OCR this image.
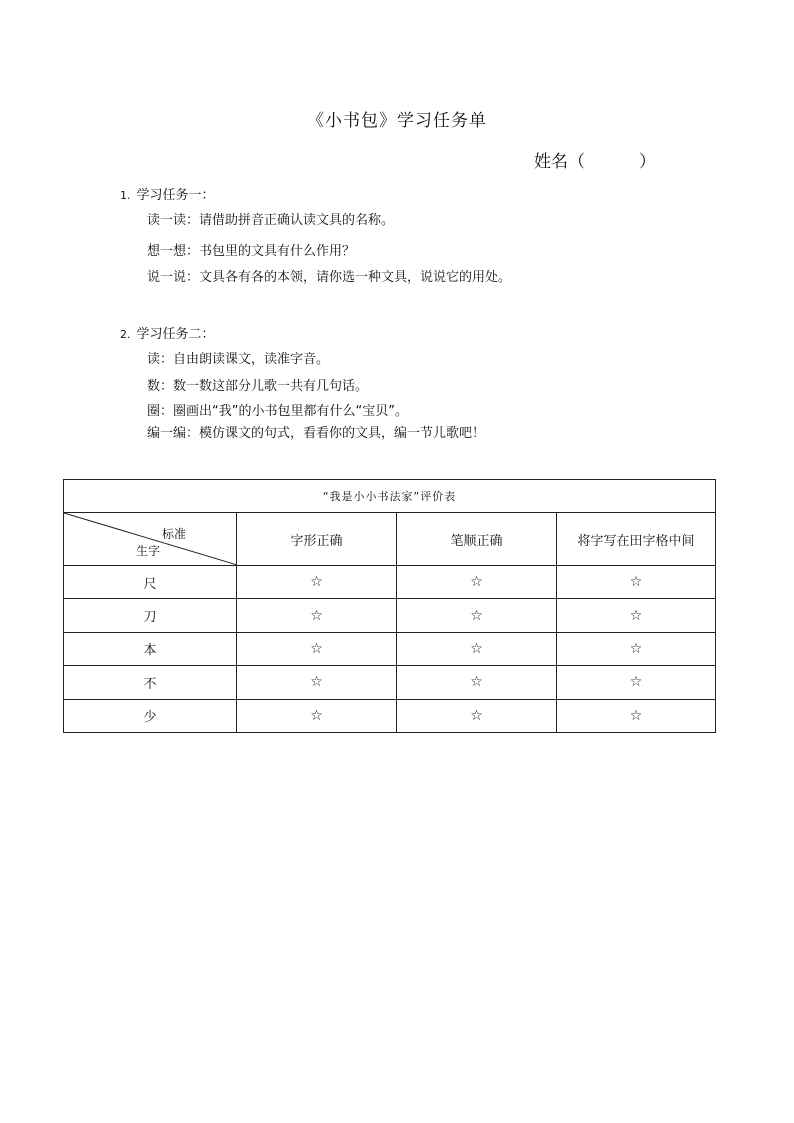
《小书包》学习任务单
姓名（          ）
1. 学习任务一：
读一读：请借助拼音正确认读文具的名称。
想一想：书包里的文具有什么作用？
说一说：文具各有各的本领，请你选一种文具，说说它的用处。
2. 学习任务二：
读：自由朗读课文，读准字音。
数：数一数这部分儿歌一共有几句话。
圈：圈画出“我”的小书包里都有什么“宝贝”。
编一编：模仿课文的句式，看看你的文具，编一节儿歌吧！
“我是小小书法家”评价表			

标准
生字	字形正确	笔顺正确	将字写在田字格中间
尺	☆	☆	☆
刀	☆	☆	☆
本	☆	☆	☆
不	☆	☆	☆
少	☆	☆	☆
